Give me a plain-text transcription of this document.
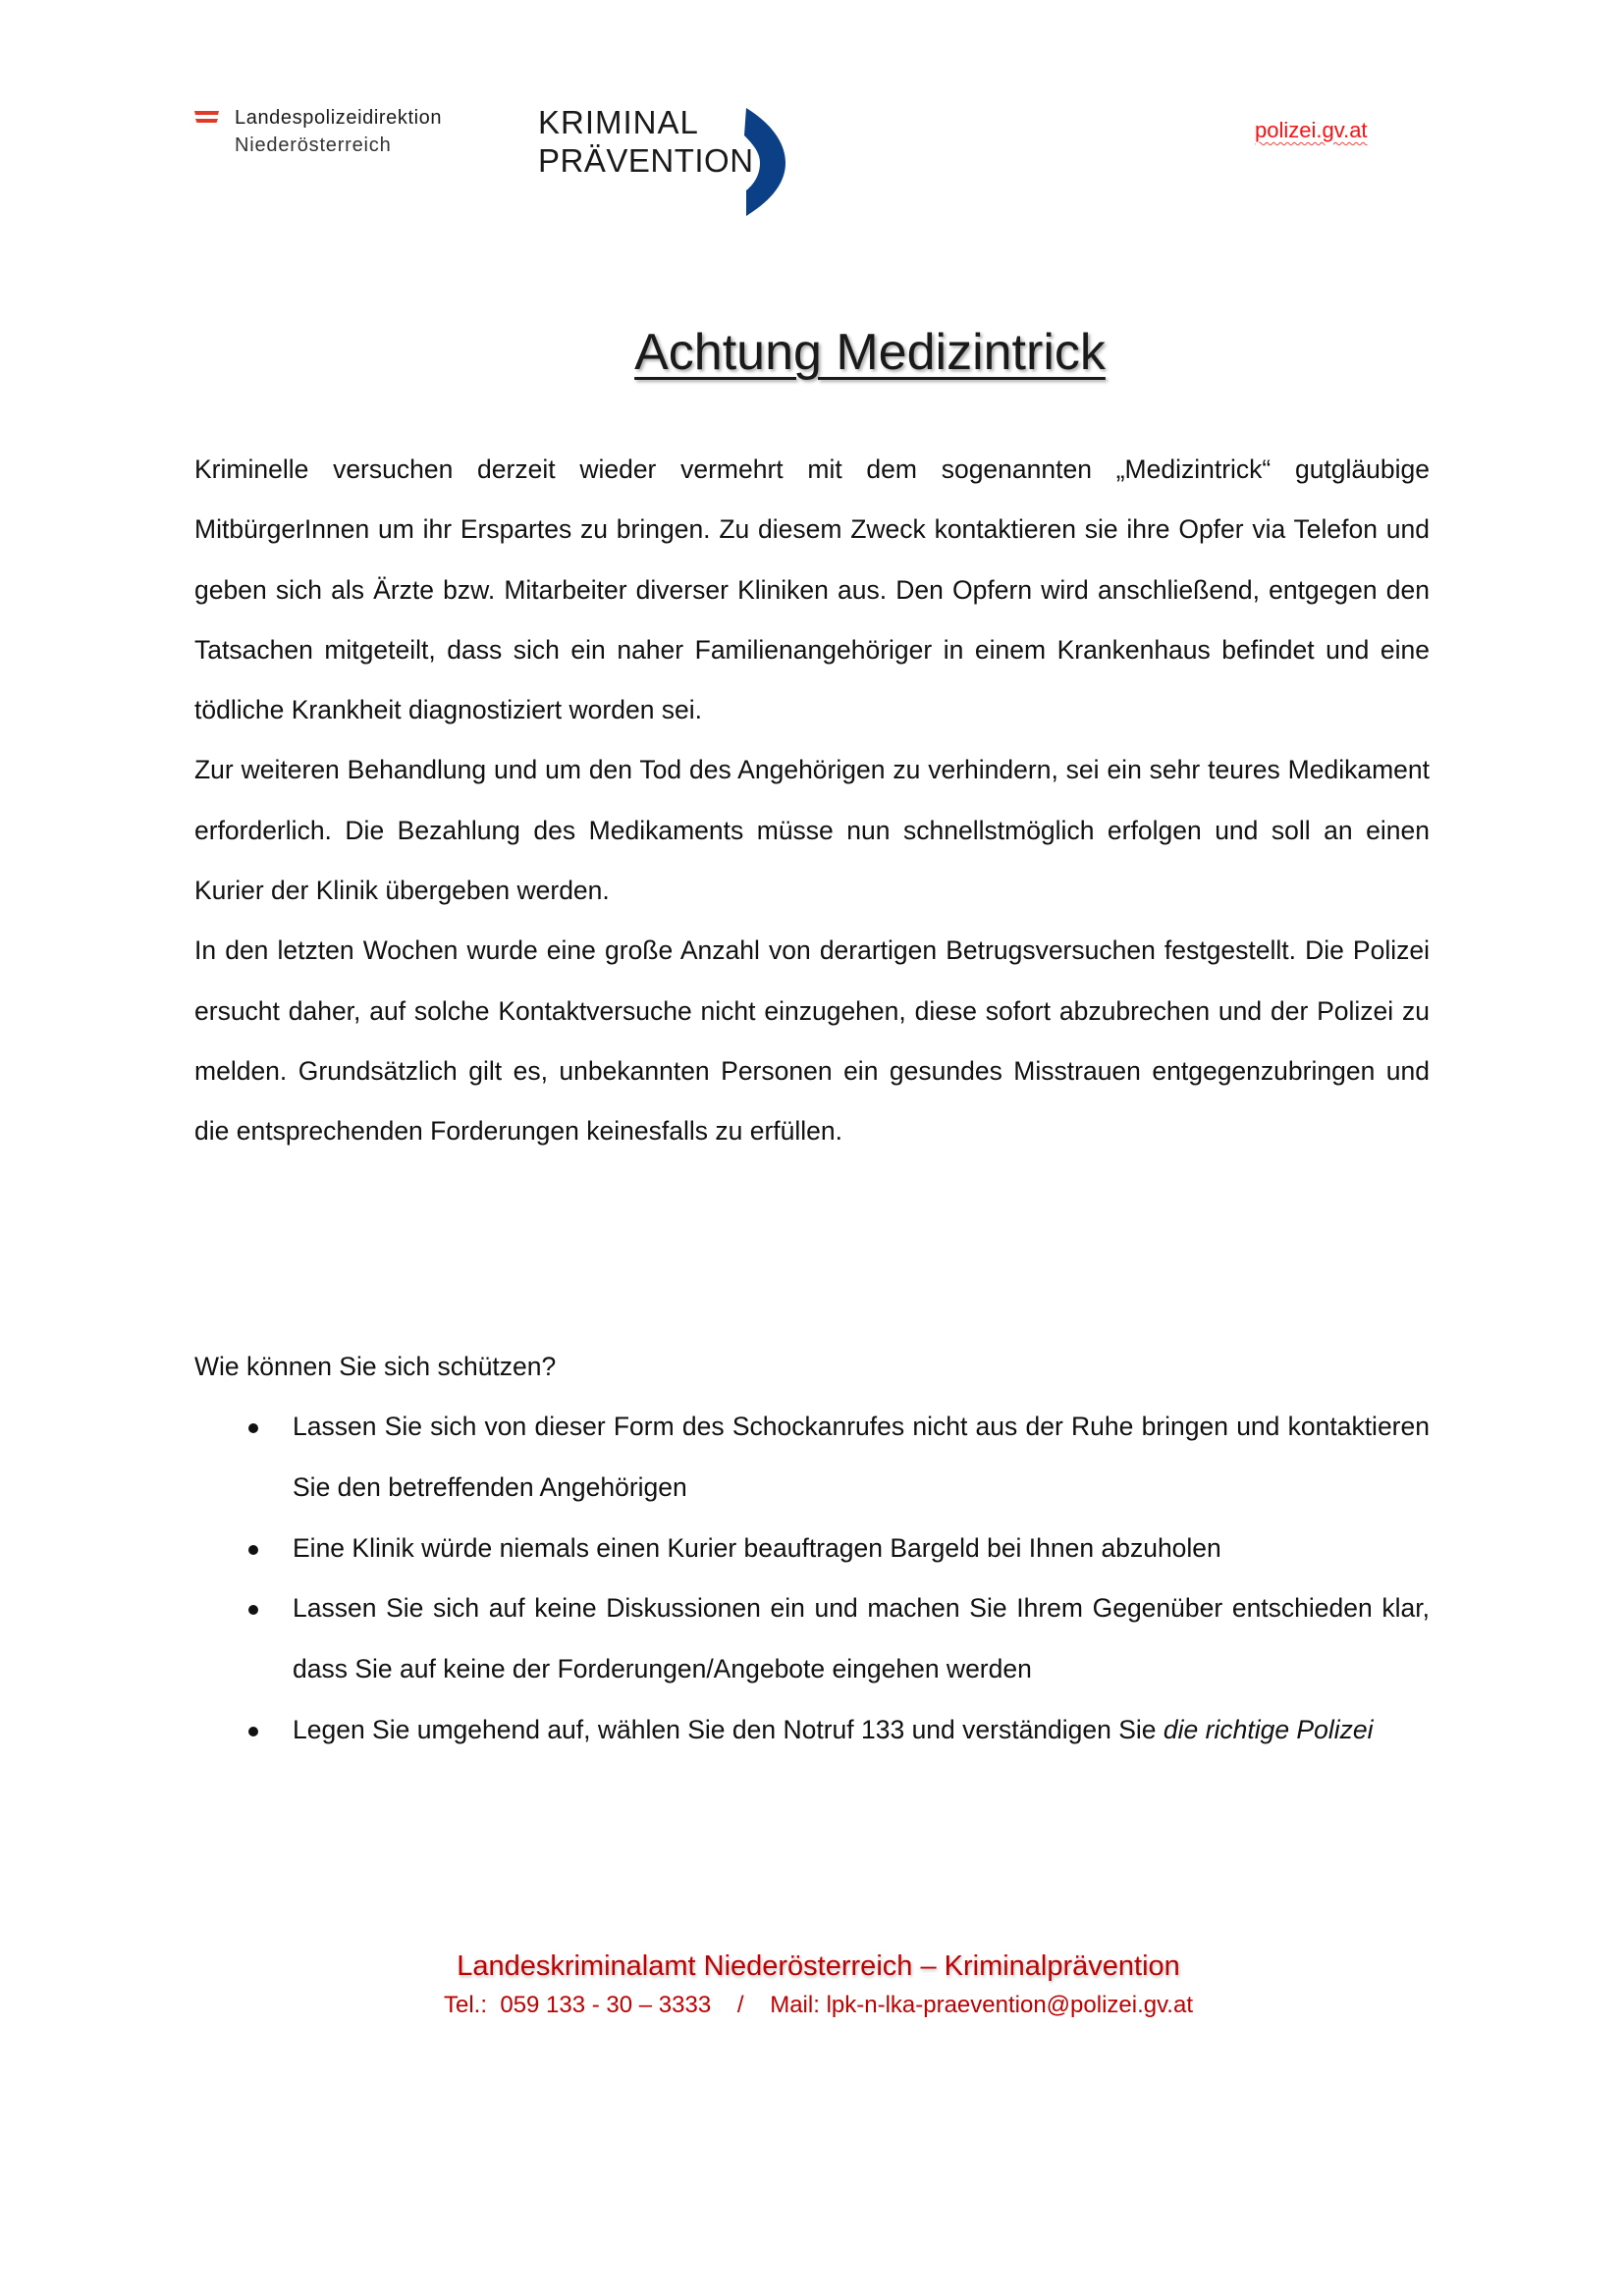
Landespolizeidirektion
Niederösterreich
KRIMINAL
PRÄVENTION
polizei.gv.at
Achtung Medizintrick

Kriminelle versuchen derzeit wieder vermehrt mit dem sogenannten „Medizintrick“ gutgläubige MitbürgerInnen um ihr Erspartes zu bringen. Zu diesem Zweck kontaktieren sie ihre Opfer via Telefon und geben sich als Ärzte bzw. Mitarbeiter diverser Kliniken aus. Den Opfern wird anschließend, entgegen den Tatsachen mitgeteilt, dass sich ein naher Familienangehöriger in einem Krankenhaus befindet und eine tödliche Krankheit diagnostiziert worden sei.

Zur weiteren Behandlung und um den Tod des Angehörigen zu verhindern, sei ein sehr teures Medikament erforderlich. Die Bezahlung des Medikaments müsse nun schnellstmöglich erfolgen und soll an einen Kurier der Klinik übergeben werden.

In den letzten Wochen wurde eine große Anzahl von derartigen Betrugsversuchen festgestellt. Die Polizei ersucht daher, auf solche Kontaktversuche nicht einzugehen, diese sofort abzubrechen und der Polizei zu melden. Grundsätzlich gilt es, unbekannten Personen ein gesundes Misstrauen entgegenzubringen und die entsprechenden Forderungen keinesfalls zu erfüllen.

Wie können Sie sich schützen?
Lassen Sie sich von dieser Form des Schockanrufes nicht aus der Ruhe bringen und kontaktieren Sie den betreffenden Angehörigen
Eine Klinik würde niemals einen Kurier beauftragen Bargeld bei Ihnen abzuholen
Lassen Sie sich auf keine Diskussionen ein und machen Sie Ihrem Gegenüber entschieden klar, dass Sie auf keine der Forderungen/Angebote eingehen werden
Legen Sie umgehend auf, wählen Sie den Notruf 133 und verständigen Sie die richtige Polizei
Landeskriminalamt Niederösterreich – Kriminalprävention
Tel.: 059 133 - 30 – 3333 / Mail: lpk-n-lka-praevention@polizei.gv.at
